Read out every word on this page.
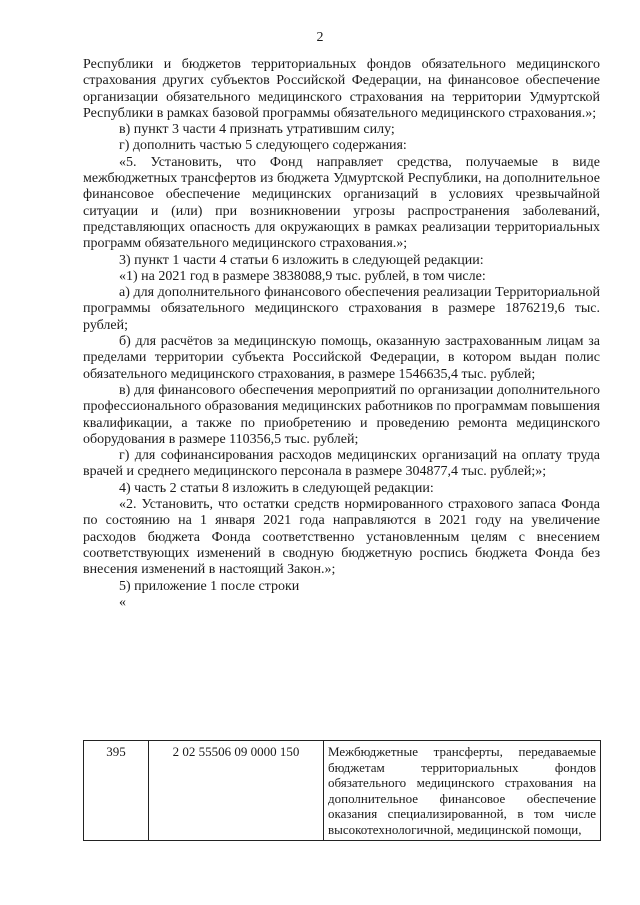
2

Республики и бюджетов территориальных фондов обязательного медицинского страхования других субъектов Российской Федерации, на финансовое обеспечение организации обязательного медицинского страхования на территории Удмуртской Республики в рамках базовой программы обязательного медицинского страхования.»;

в) пункт 3 части 4 признать утратившим силу;

г) дополнить частью 5 следующего содержания:

«5. Установить, что Фонд направляет средства, получаемые в виде межбюджетных трансфертов из бюджета Удмуртской Республики, на дополнительное финансовое обеспечение медицинских организаций в условиях чрезвычайной ситуации и (или) при возникновении угрозы распространения заболеваний, представляющих опасность для окружающих в рамках реализации территориальных программ обязательного медицинского страхования.»;

3) пункт 1 части 4 статьи 6 изложить в следующей редакции:

«1) на 2021 год в размере 3838088,9 тыс. рублей, в том числе:

а) для дополнительного финансового обеспечения реализации Территориальной программы обязательного медицинского страхования в размере 1876219,6 тыс. рублей;

б) для расчётов за медицинскую помощь, оказанную застрахованным лицам за пределами территории субъекта Российской Федерации, в котором выдан полис обязательного медицинского страхования, в размере 1546635,4 тыс. рублей;

в) для финансового обеспечения мероприятий по организации дополнительного профессионального образования медицинских работников по программам повышения квалификации, а также по приобретению и проведению ремонта медицинского оборудования в размере 110356,5 тыс. рублей;

г) для софинансирования расходов медицинских организаций на оплату труда врачей и среднего медицинского персонала в размере 304877,4 тыс. рублей;»;

4) часть 2 статьи 8 изложить в следующей редакции:

«2. Установить, что остатки средств нормированного страхового запаса Фонда по состоянию на 1 января 2021 года направляются в 2021 году на увеличение расходов бюджета Фонда соответственно установленным целям с внесением соответствующих изменений в сводную бюджетную роспись бюджета Фонда без внесения изменений в настоящий Закон.»;

5) приложение 1 после строки

«

395	2 02 55506 09 0000 150	Межбюджетные трансферты, передаваемые бюджетам территориальных фондов обязательного медицинского страхования на дополнительное финансовое обеспечение оказания специализированной, в том числе высокотехнологичной, медицинской помощи,
